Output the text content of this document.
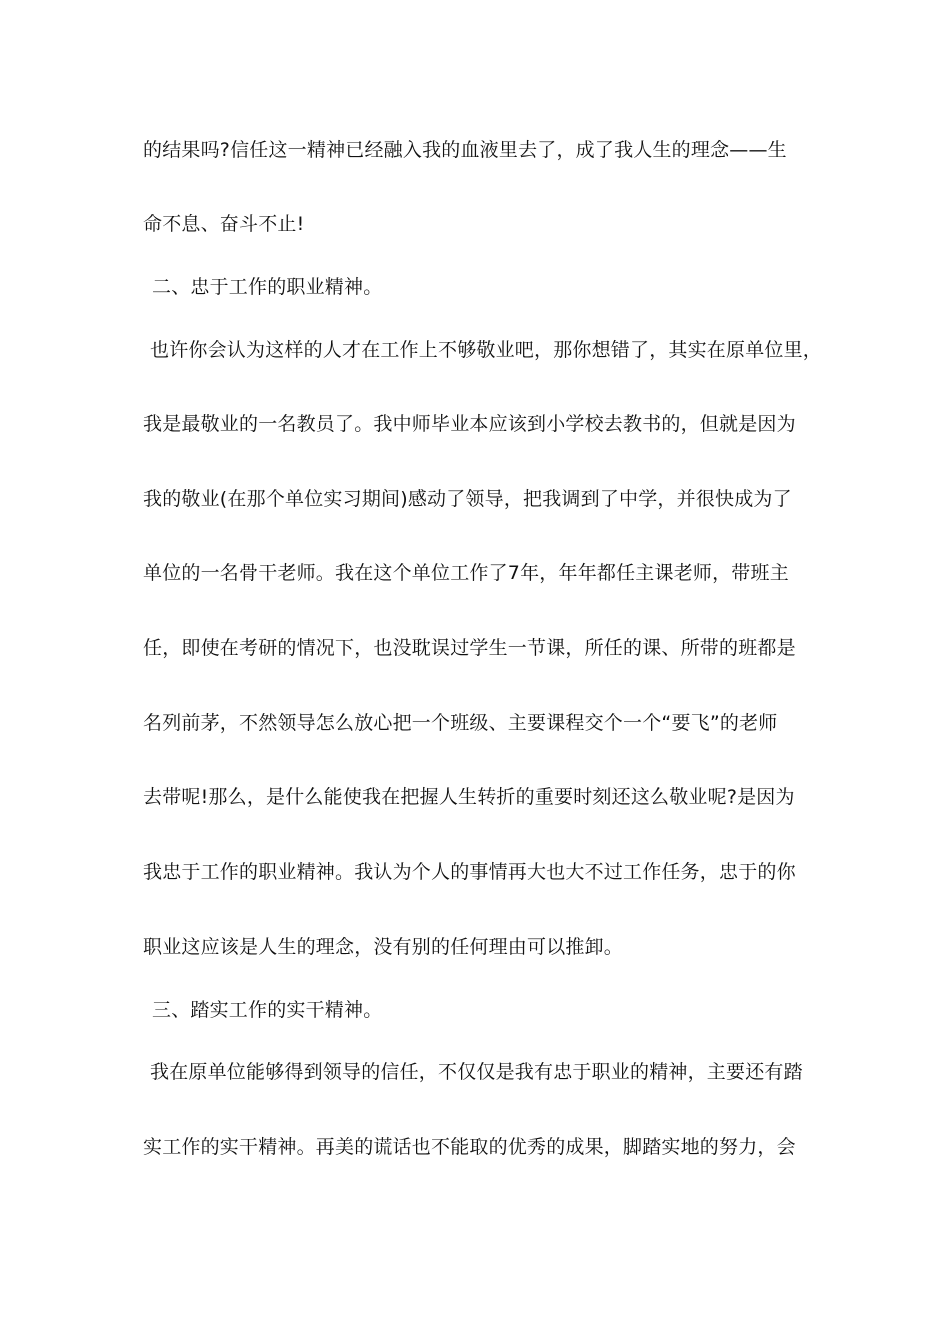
的结果吗?信任这一精神已经融入我的血液里去了，成了我人生的理念——生
命不息、奋斗不止!
二、忠于工作的职业精神。
也许你会认为这样的人才在工作上不够敬业吧，那你想错了，其实在原单位里，
我是最敬业的一名教员了。我中师毕业本应该到小学校去教书的，但就是因为
我的敬业(在那个单位实习期间)感动了领导，把我调到了中学，并很快成为了
单位的一名骨干老师。我在这个单位工作了7年，年年都任主课老师，带班主
任，即使在考研的情况下，也没耽误过学生一节课，所任的课、所带的班都是
名列前茅，不然领导怎么放心把一个班级、主要课程交个一个“要飞”的老师
去带呢!那么，是什么能使我在把握人生转折的重要时刻还这么敬业呢?是因为
我忠于工作的职业精神。我认为个人的事情再大也大不过工作任务，忠于的你
职业这应该是人生的理念，没有别的任何理由可以推卸。
三、踏实工作的实干精神。
我在原单位能够得到领导的信任，不仅仅是我有忠于职业的精神，主要还有踏
实工作的实干精神。再美的谎话也不能取的优秀的成果，脚踏实地的努力，会
